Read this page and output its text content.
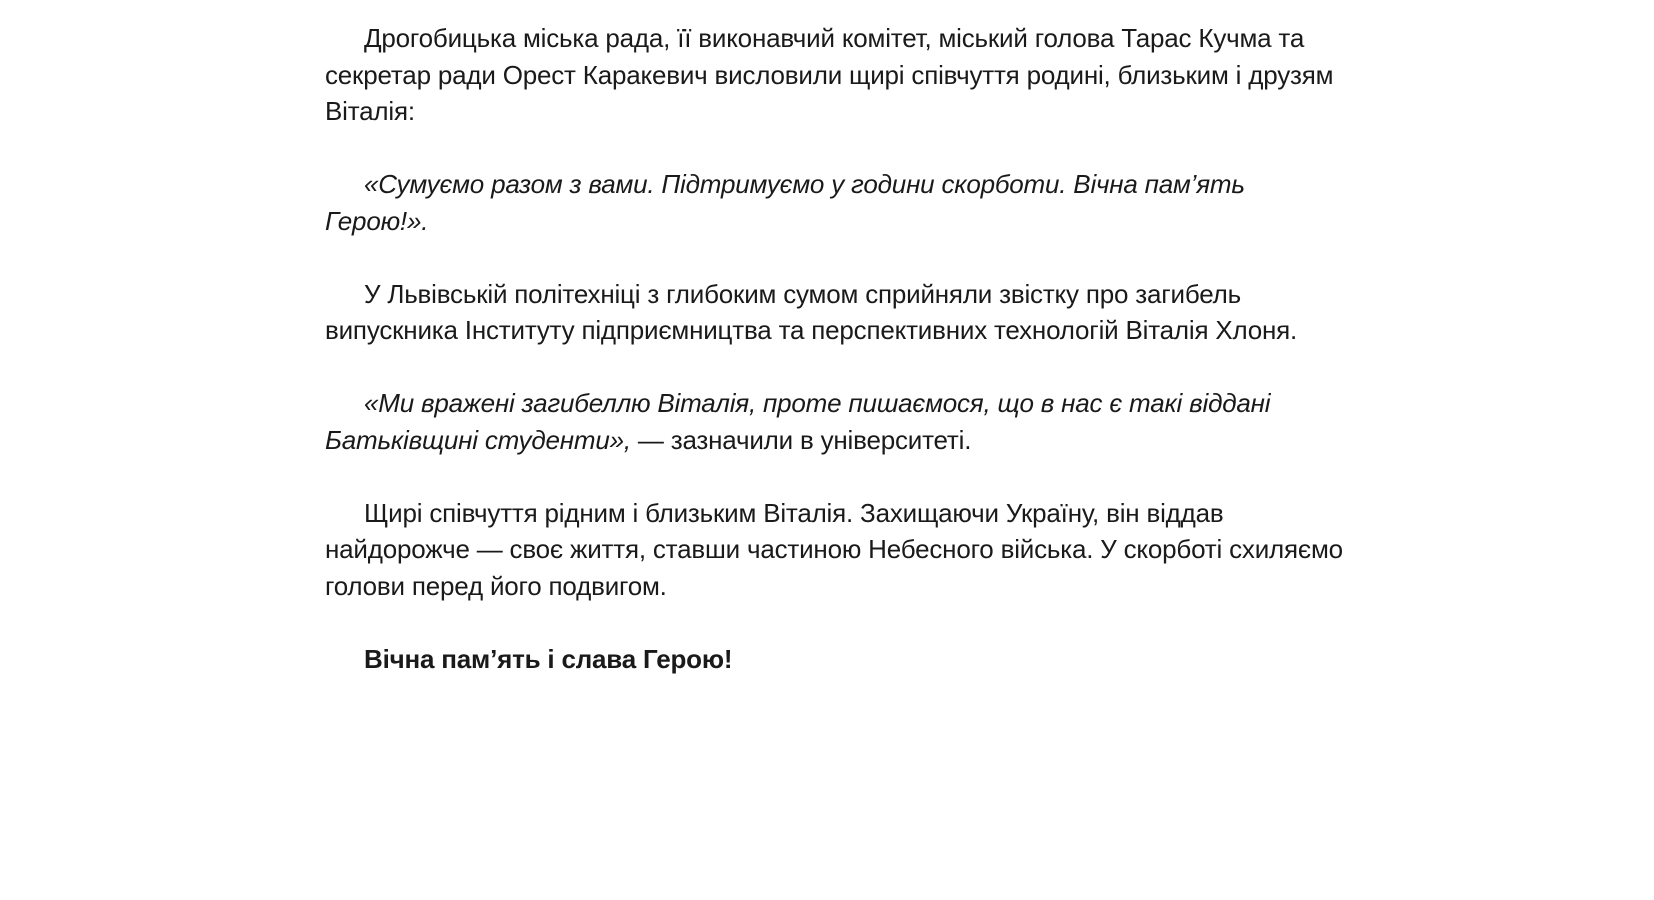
Дрогобицька міська рада, її виконавчий комітет, міський голова Тарас Кучма та секретар ради Орест Каракевич висловили щирі співчуття родині, близьким і друзям Віталія:

«Сумуємо разом з вами. Підтримуємо у години скорботи. Вічна пам’ять Герою!».

У Львівській політехніці з глибоким сумом сприйняли звістку про загибель випускника Інституту підприємництва та перспективних технологій Віталія Хлоня.

«Ми вражені загибеллю Віталія, проте пишаємося, що в нас є такі віддані Батьківщині студенти», — зазначили в університеті.

Щирі співчуття рідним і близьким Віталія. Захищаючи Україну, він віддав найдорожче — своє життя, ставши частиною Небесного війська. У скорботі схиляємо голови перед його подвигом.

Вічна пам’ять і слава Герою!
